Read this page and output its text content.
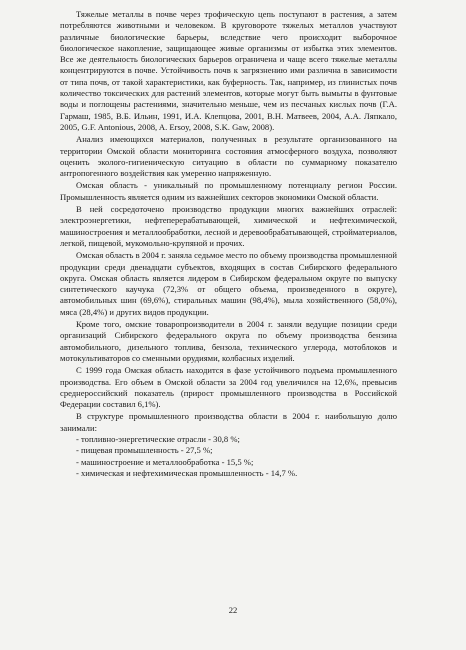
Тяжелые металлы в почве через трофическую цепь поступают в растения, а затем потребляются животными и человеком. В круговороте тяжелых металлов участвуют различные биологические барьеры, вследствие чего происходит выборочное биологическое накопление, защищающее живые организмы от избытка этих элементов. Все же деятельность биологических барьеров ограничена и чаще всего тяжелые металлы концентрируются в почве. Устойчивость почв к загрязнению ими различна в зависимости от типа почв, от такой характеристики, как буферность. Так, например, из глинистых почв количество токсических для растений элементов, которые могут быть вымыты в фунтовые воды и поглощены растениями, значительно меньше, чем из песчаных кислых почв (Г.А. Гармаш, 1985, В.Б. Ильин, 1991, И.А. Клепцова, 2001, В.Н. Матвеев, 2004, А.А. Ляпкало, 2005, G.F. Antonious, 2008, A. Ersoy, 2008, S.K. Gaw, 2008).

Анализ имеющихся материалов, полученных в результате организованного на территории Омской области мониторинга состояния атмосферного воздуха, позволяют оценить эколого-гигиеническую ситуацию в области по суммарному показателю антропогенного воздействия как умеренно напряженную.

Омская область - уникальный по промышленному потенциалу регион России. Промышленность является одним из важнейших секторов экономики Омской области.

В ней сосредоточено производство продукции многих важнейших отраслей: электроэнергетики, нефтеперерабатывающей, химической и нефтехимической, машиностроения и металлообработки, лесной и деревообрабатывающей, стройматериалов, легкой, пищевой, мукомольно-крупяной и прочих.

Омская область в 2004 г. заняла седьмое место по объему производства промышленной продукции среди двенадцати субъектов, входящих в состав Сибирского федерального округа. Омская область является лидером в Сибирском федеральном округе по выпуску синтетического каучука (72,3% от общего объема, произведенного в округе), автомобильных шин (69,6%), стиральных машин (98,4%), мыла хозяйственного (58,0%), мяса (28,4%) и других видов продукции.

Кроме того, омские товаропроизводители в 2004 г. заняли ведущие позиции среди организаций Сибирского федерального округа по объему производства бензина автомобильного, дизельного топлива, бензола, технического углерода, мотоблоков и мотокультиваторов со сменными орудиями, колбасных изделий.

С 1999 года Омская область находится в фазе устойчивого подъема промышленного производства. Его объем в Омской области за 2004 год увеличился на 12,6%, превысив среднероссийский показатель (прирост промышленного производства в Российской Федерации составил 6,1%).

В структуре промышленного производства области в 2004 г. наибольшую долю занимали:

- топливно-энергетические отрасли - 30,8 %;
- пищевая промышленность - 27,5 %;
- машиностроение и металлообработка - 15,5 %;
- химическая и нефтехимическая промышленность - 14,7 %.
22
